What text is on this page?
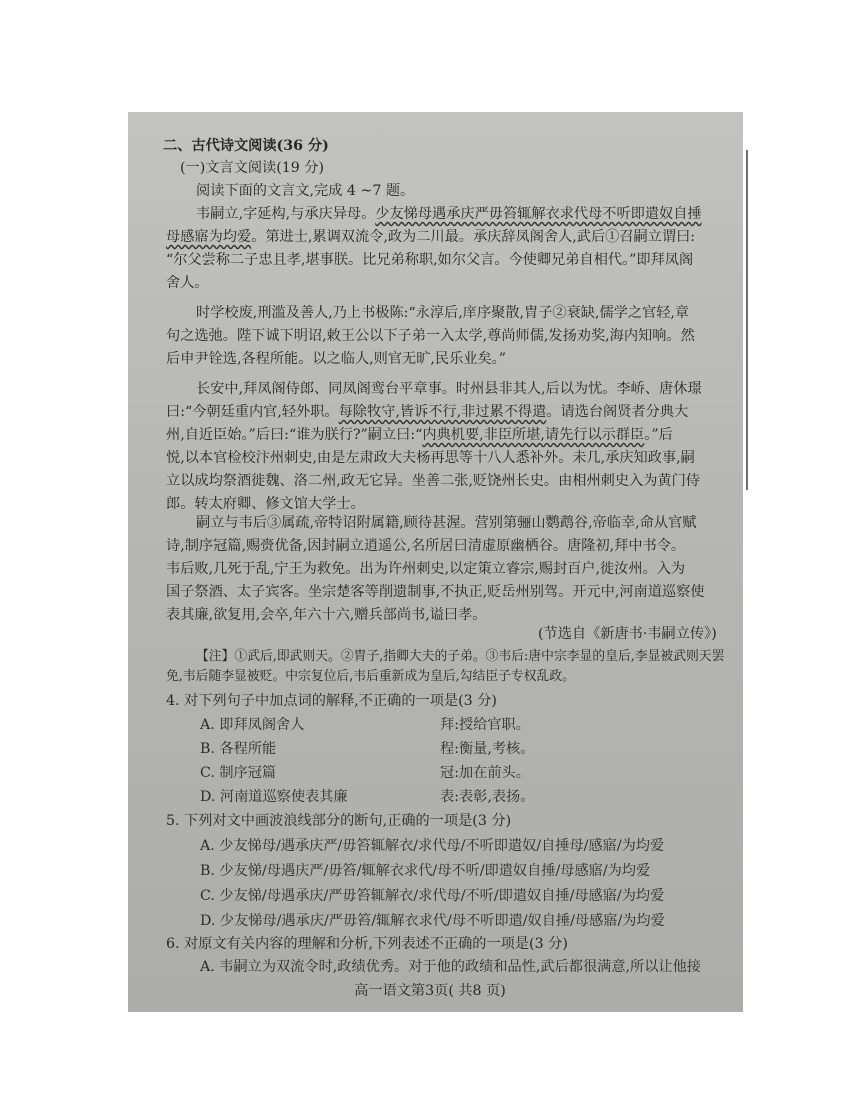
二、古代诗文阅读(36 分)
(一)文言文阅读(19 分)
阅读下面的文言文,完成 4 ~7 题。
韦嗣立,字延构,与承庆异母。少友悌母遇承庆严毋笞辄解衣求代母不听即遣奴自捶
母感寤为均爱。第进士,累调双流令,政为二川最。承庆辞凤阁舍人,武后①召嗣立谓曰:
“尔父尝称二子忠且孝,堪事朕。比兄弟称职,如尔父言。今使卿兄弟自相代。”即拜凤阁
舍人。
时学校废,刑滥及善人,乃上书极陈:“永淳后,庠序聚散,胄子②衰缺,儒学之官轻,章
句之选弛。陛下诚下明诏,敕王公以下子弟一入太学,尊尚师儒,发扬劝奖,海内知响。然
后申尹铨选,各程所能。以之临人,则官无旷,民乐业矣。”
长安中,拜凤阁侍郎、同凤阁鸾台平章事。时州县非其人,后以为忧。李峤、唐休璟
曰:“今朝廷重内官,轻外职。每除牧守,皆诉不行,非过累不得遣。请选台阁贤者分典大
州,自近臣始。”后曰:“谁为朕行?”嗣立曰:“内典机要,非臣所堪,请先行以示群臣。”后
悦,以本官检校汴州刺史,由是左肃政大夫杨再思等十八人悉补外。未几,承庆知政事,嗣
立以成均祭酒徙魏、洛二州,政无它异。坐善二张,贬饶州长史。由相州刺史入为黄门侍
郎。转太府卿、修文馆大学士。
嗣立与韦后③属疏,帝特诏附属籍,顾待甚渥。营别第骊山鹦鹉谷,帝临幸,命从官赋
诗,制序冠篇,赐赍优备,因封嗣立逍遥公,名所居曰清虚原幽栖谷。唐隆初,拜中书令。
韦后败,几死于乱,宁王为救免。出为许州刺史,以定策立睿宗,赐封百户,徙汝州。入为
国子祭酒、太子宾客。坐宗楚客等削遗制事,不执正,贬岳州别驾。开元中,河南道巡察使
表其廉,欲复用,会卒,年六十六,赠兵部尚书,谥曰孝。
(节选自《新唐书·韦嗣立传》)
【注】①武后,即武则天。②胄子,指卿大夫的子弟。③韦后:唐中宗李显的皇后,李显被武则天罢
免,韦后随李显被贬。中宗复位后,韦后重新成为皇后,勾结臣子专权乱政。
4. 对下列句子中加点词的解释,不正确的一项是(3 分)
A. 即拜凤阁舍人	拜:授给官职。
B. 各程所能	程:衡量,考核。
C. 制序冠篇	冠:加在前头。
D. 河南道巡察使表其廉	表:表彰,表扬。
5. 下列对文中画波浪线部分的断句,正确的一项是(3 分)
A. 少友悌母/遇承庆严/毋笞辄解衣/求代母/不听即遣奴/自捶母/感寤/为均爱
B. 少友悌/母遇庆严/毋笞/辄解衣求代/母不听/即遣奴自捶/母感寤/为均爱
C. 少友悌/母遇承庆/严毋笞辄解衣/求代母/不听/即遣奴自捶/母感寤/为均爱
D. 少友悌母/遇承庆/严毋笞/辄解衣求代/母不听即遣/奴自捶/母感寤/为均爱
6. 对原文有关内容的理解和分析,下列表述不正确的一项是(3 分)
A. 韦嗣立为双流令时,政绩优秀。对于他的政绩和品性,武后都很满意,所以让他接
高一语文第3页( 共8 页)
